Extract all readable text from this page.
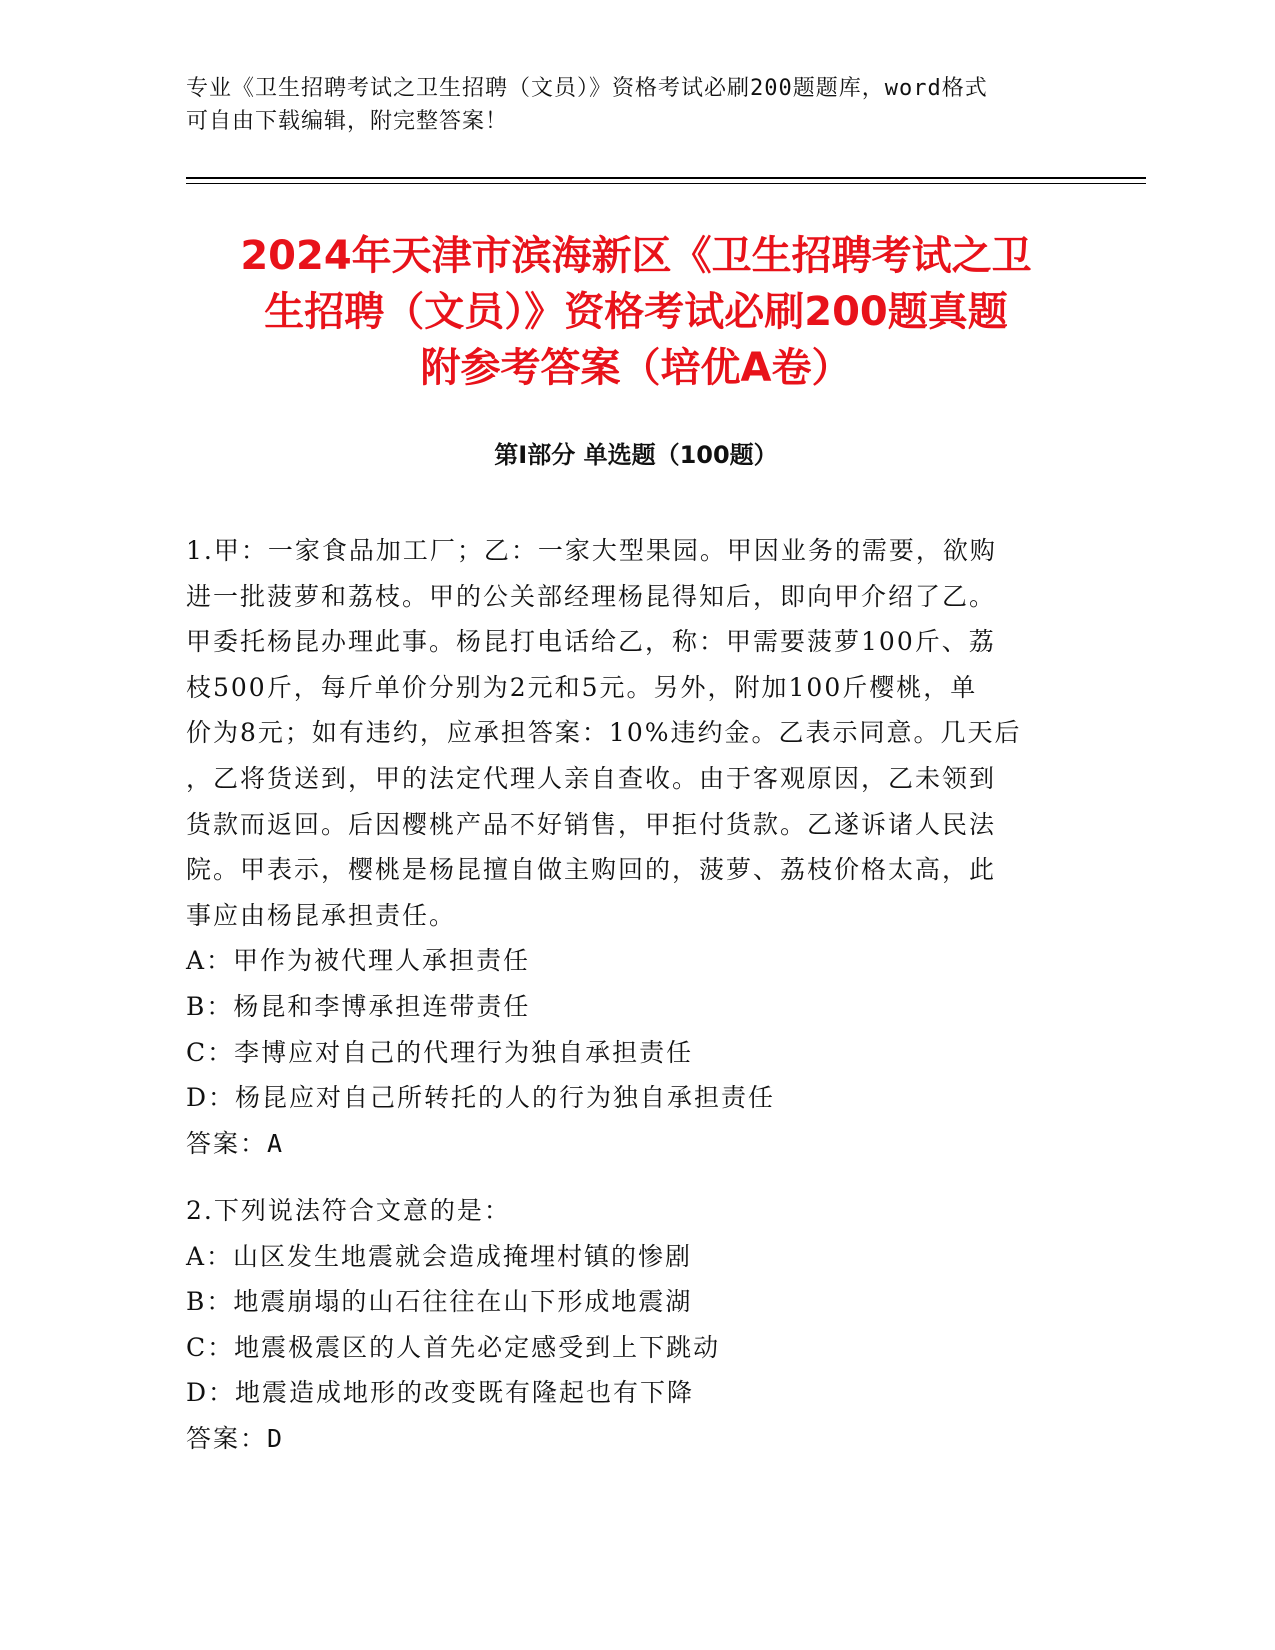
专业《卫生招聘考试之卫生招聘（文员）》资格考试必刷200题题库，word格式
可自由下载编辑，附完整答案！
2024年天津市滨海新区《卫生招聘考试之卫
生招聘（文员）》资格考试必刷200题真题
附参考答案（培优A卷）
第Ⅰ部分 单选题（100题）
1.甲：一家食品加工厂；乙：一家大型果园。甲因业务的需要，欲购
进一批菠萝和荔枝。甲的公关部经理杨昆得知后，即向甲介绍了乙。
甲委托杨昆办理此事。杨昆打电话给乙，称：甲需要菠萝100斤、荔
枝500斤，每斤单价分别为2元和5元。另外，附加100斤樱桃，单
价为8元；如有违约，应承担答案：10%违约金。乙表示同意。几天后
，乙将货送到，甲的法定代理人亲自查收。由于客观原因，乙未领到
货款而返回。后因樱桃产品不好销售，甲拒付货款。乙遂诉诸人民法
院。甲表示，樱桃是杨昆擅自做主购回的，菠萝、荔枝价格太高，此
事应由杨昆承担责任。
A：甲作为被代理人承担责任
B：杨昆和李博承担连带责任
C：李博应对自己的代理行为独自承担责任
D：杨昆应对自己所转托的人的行为独自承担责任
答案：A
2.下列说法符合文意的是：
A：山区发生地震就会造成掩埋村镇的惨剧
B：地震崩塌的山石往往在山下形成地震湖
C：地震极震区的人首先必定感受到上下跳动
D：地震造成地形的改变既有隆起也有下降
答案：D
